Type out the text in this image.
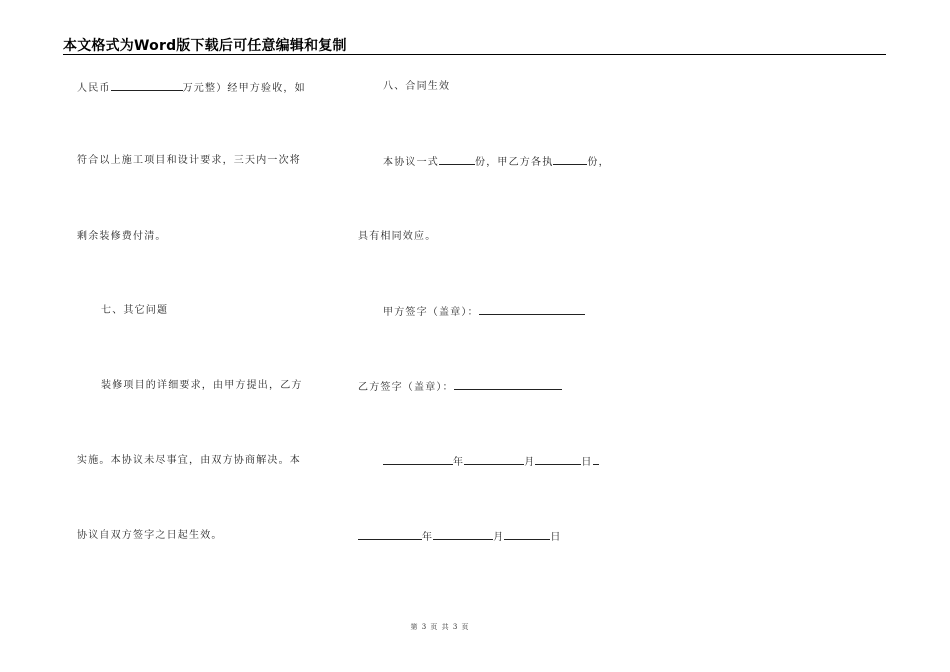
本文格式为Word版下载后可任意编辑和复制
人民币	万元整）经甲方验收，如
符合以上施工项目和设计要求，三天内一次将
剩余装修费付清。
七、其它问题
装修项目的详细要求，由甲方提出，乙方
实施。本协议未尽事宜，由双方协商解决。本
协议自双方签字之日起生效。
八、合同生效
本协议一式	份，甲乙方各执	份，
具有相同效应。
甲方签字（盖章）：
乙方签字（盖章）：
年	月	日
年	月	日
第 3 页 共 3 页
